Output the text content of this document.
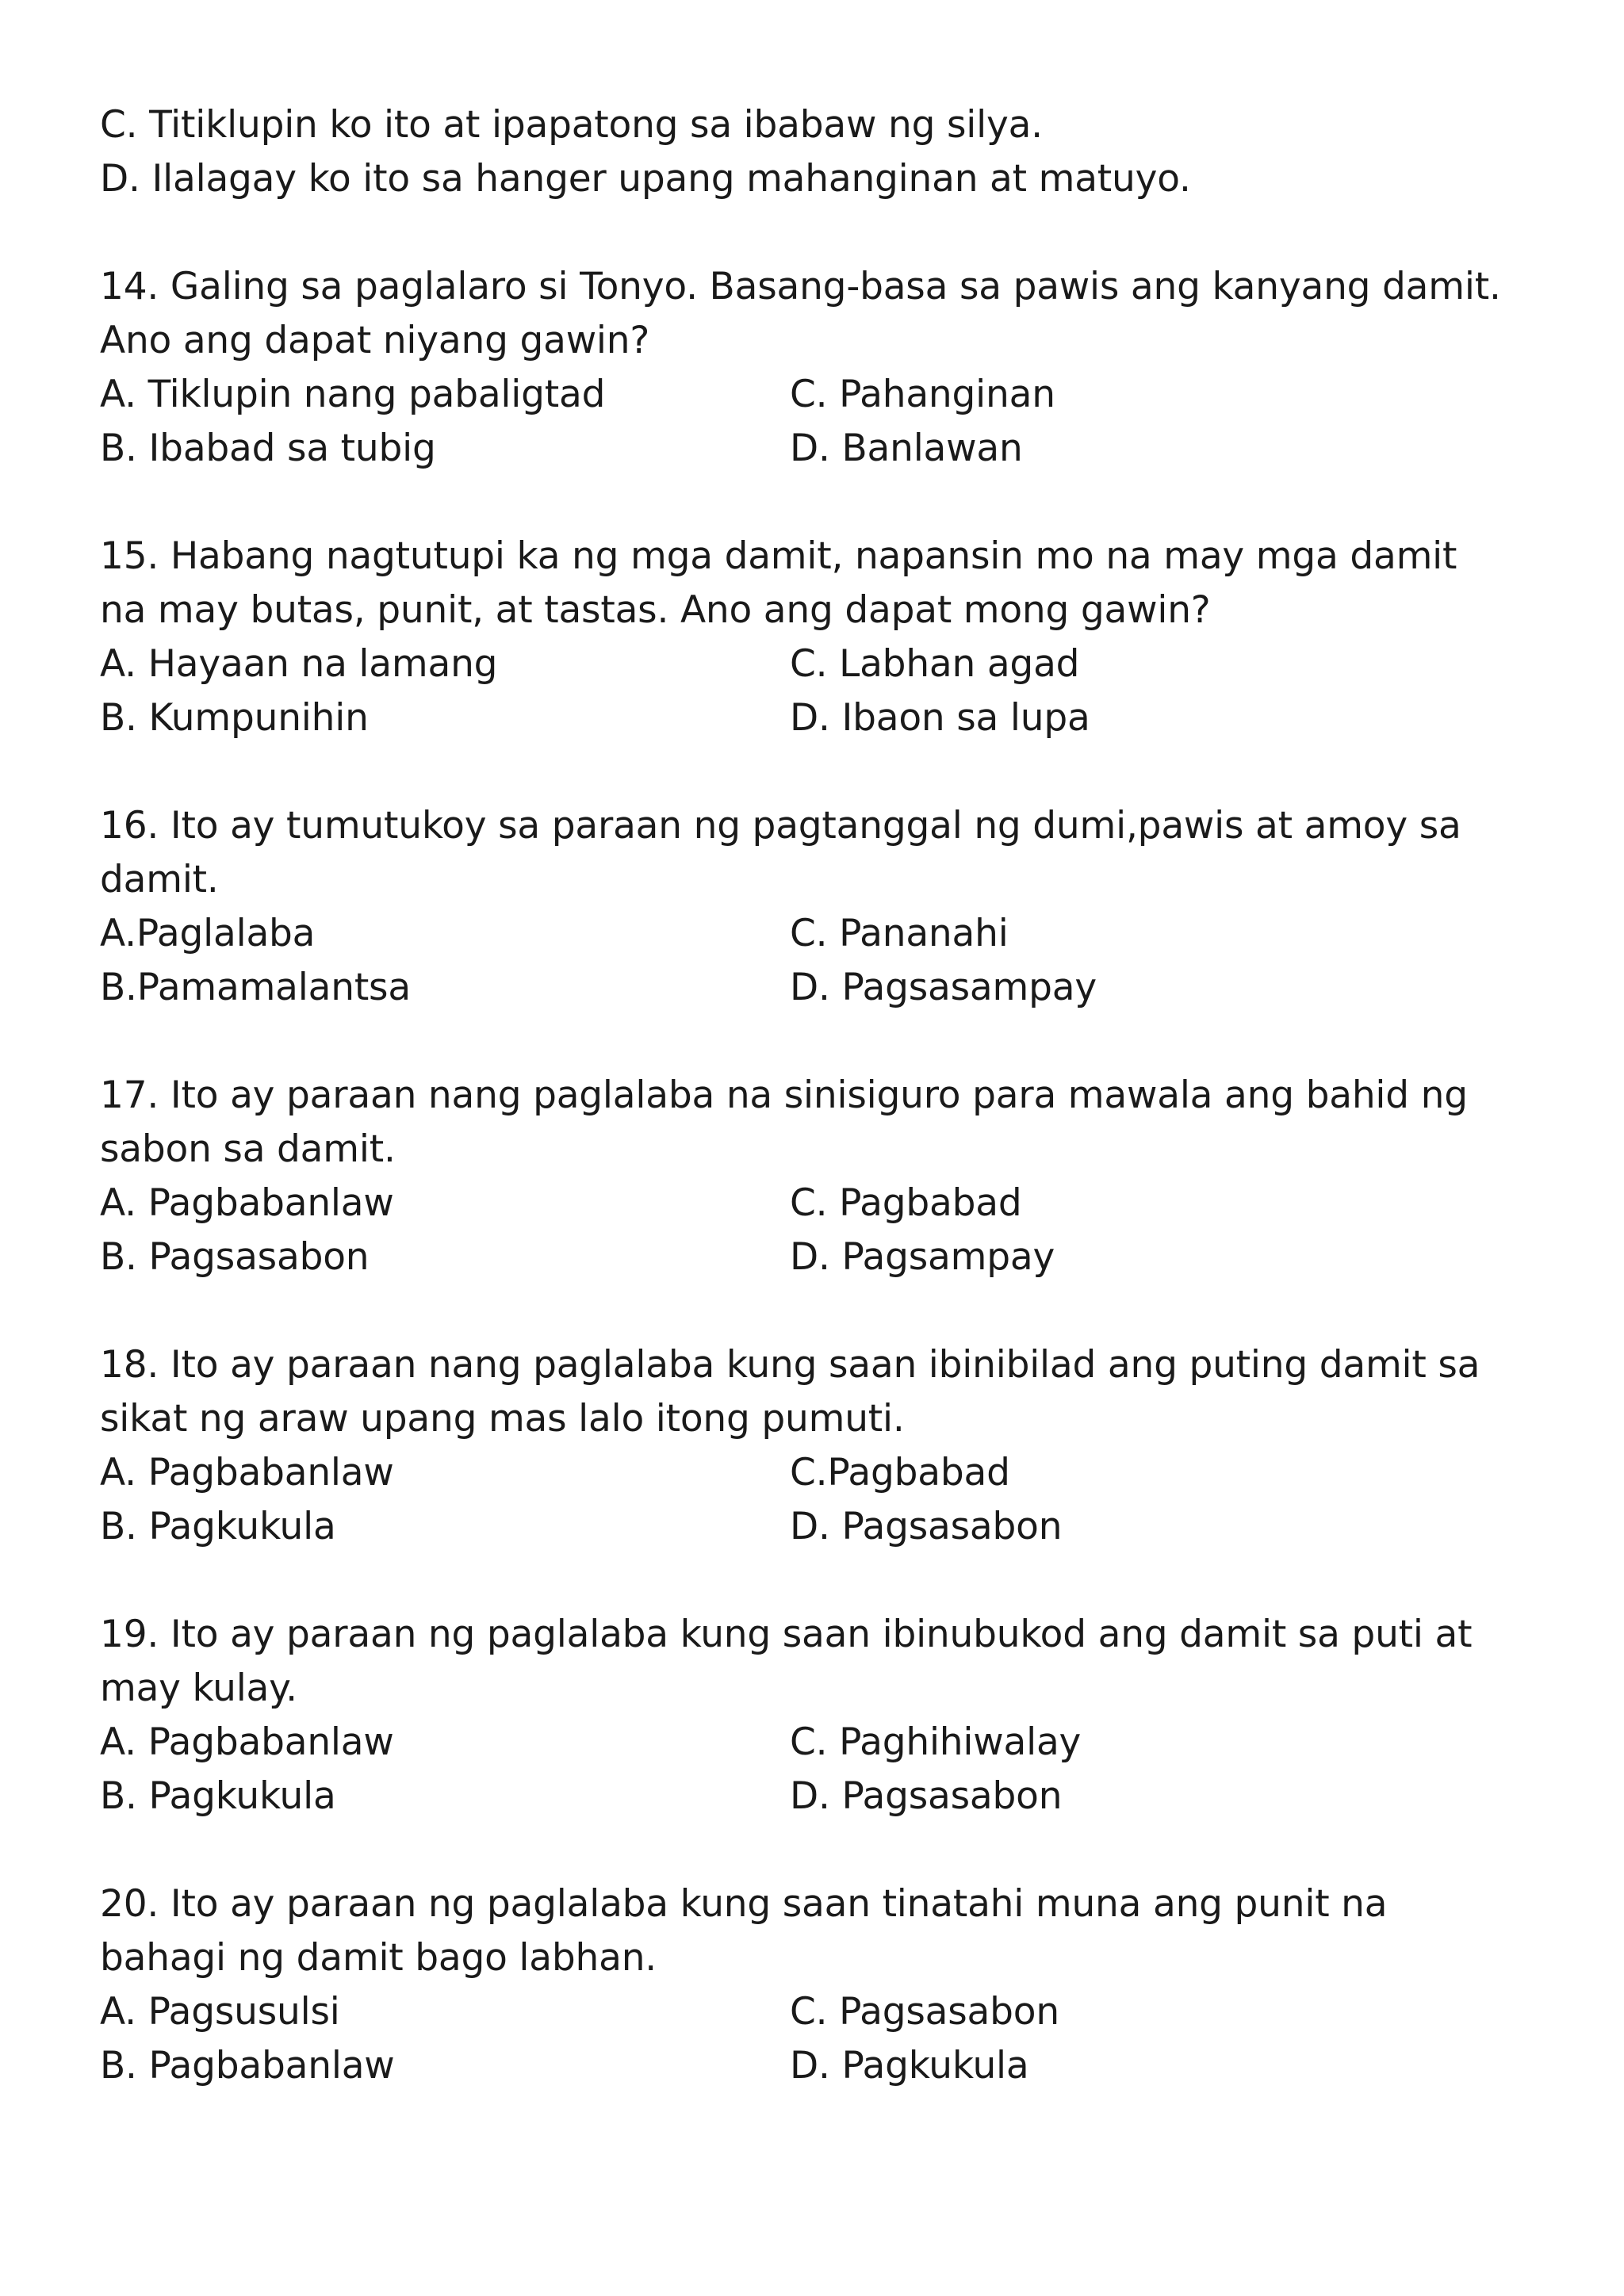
C. Titiklupin ko ito at ipapatong sa ibabaw ng silya.
D. Ilalagay ko ito sa hanger upang mahanginan at matuyo.
14. Galing sa paglalaro si Tonyo. Basang-basa sa pawis ang kanyang damit.
Ano ang dapat niyang gawin?
A. Tiklupin nang pabaligtad	C. Pahanginan
B. Ibabad sa tubig	D. Banlawan
15. Habang nagtutupi ka ng mga damit, napansin mo na may mga damit
na may butas, punit, at tastas. Ano ang dapat mong gawin?
A. Hayaan na lamang	C. Labhan agad
B. Kumpunihin	D. Ibaon sa lupa
16. Ito ay tumutukoy sa paraan ng pagtanggal ng dumi,pawis at amoy sa
damit.
A.Paglalaba	C. Pananahi
B.Pamamalantsa	D. Pagsasampay
17. Ito ay paraan nang paglalaba na sinisiguro para mawala ang bahid ng
sabon sa damit.
A. Pagbabanlaw	C. Pagbabad
B. Pagsasabon	D. Pagsampay
18. Ito ay paraan nang paglalaba kung saan ibinibilad ang puting damit sa
sikat ng araw upang mas lalo itong pumuti.
A. Pagbabanlaw	C.Pagbabad
B. Pagkukula	D. Pagsasabon
19. Ito ay paraan ng paglalaba kung saan ibinubukod ang damit sa puti at
may kulay.
A. Pagbabanlaw	C. Paghihiwalay
B. Pagkukula	D. Pagsasabon
20. Ito ay paraan ng paglalaba kung saan tinatahi muna ang punit na
bahagi ng damit bago labhan.
A. Pagsusulsi	C. Pagsasabon
B. Pagbabanlaw	D. Pagkukula
